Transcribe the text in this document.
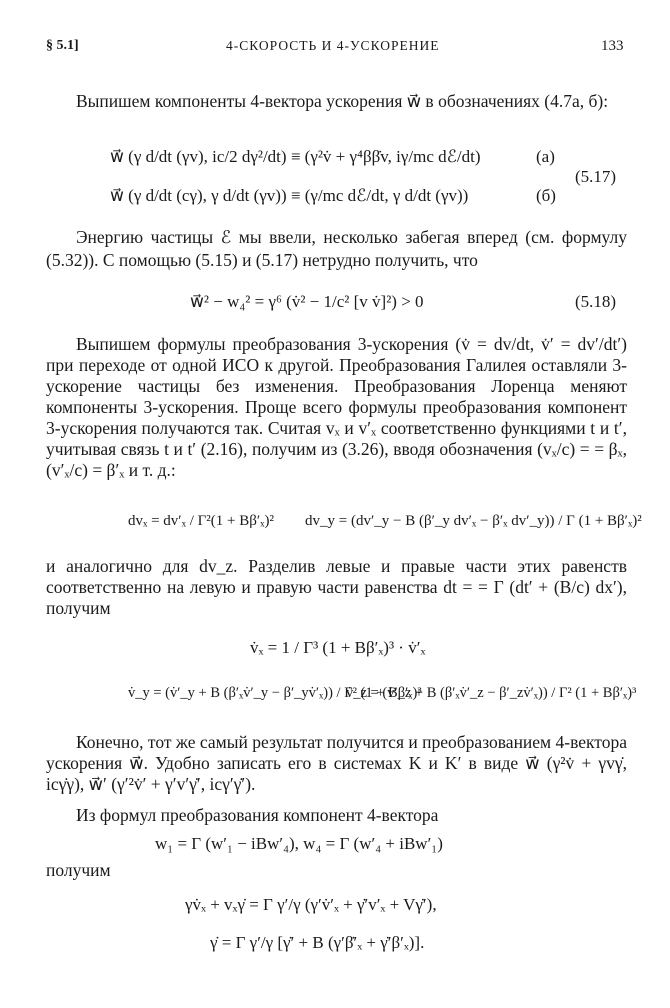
§ 5.1]	4-СКОРОСТЬ И 4-УСКОРЕНИЕ	133
Выпишем компоненты 4-вектора ускорения w⃗ в обозначениях (4.7а, б):
w⃗ (γ d/dt (γv), ic/2 dγ²/dt) ≡ (γ²v̇ + γ⁴ββ̇v, iγ/mc dℰ/dt)	(а)
w⃗ (γ d/dt (cγ), γ d/dt (γv)) ≡ (γ/mc dℰ/dt, γ d/dt (γv))	(б)
(5.17)
Энергию частицы ℰ мы ввели, несколько забегая вперед (см. формулу (5.32)). С помощью (5.15) и (5.17) нетрудно получить, что
w⃗² − w₄² = γ⁶ (v̇² − 1/c² [v v̇]²) > 0	(5.18)
Выпишем формулы преобразования 3-ускорения (v̇ = dv/dt, v̇′ = dv′/dt′) при переходе от одной ИСО к другой. Преобразования Галилея оставляли 3-ускорение частицы без изменения. Преобразования Лоренца меняют компоненты 3-ускорения. Проще всего формулы преобразования компонент 3-ускорения получаются так. Считая vₓ и v′ₓ соответственно функциями t и t′, учитывая связь t и t′ (2.16), получим из (3.26), вводя обозначения (vₓ/c) = = βₓ, (v′ₓ/c) = β′ₓ и т. д.:
dvₓ = dv′ₓ / Γ²(1 + Bβ′ₓ)² dv_y = (dv′_y − B (β′_y dv′ₓ − β′ₓ dv′_y)) / Γ (1 + Bβ′ₓ)²
и аналогично для dv_z. Разделив левые и правые части этих равенств соответственно на левую и правую части равенства dt = = Γ (dt′ + (B/c) dx′), получим
v̇ₓ = 1 / Γ³ (1 + Bβ′ₓ)³ · v̇′ₓ
v̇_y = (v̇′_y + B (β′ₓv̇′_y − β′_yv̇′ₓ)) / Γ² (1 + Bβ′ₓ)³
v̇_z = (v̇′_z + B (β′ₓv̇′_z − β′_zv̇′ₓ)) / Γ² (1 + Bβ′ₓ)³
Конечно, тот же самый результат получится и преобразованием 4-вектора ускорения w⃗. Удобно записать его в системах K и K′ в виде w⃗ (γ²v̇ + γvγ̇, icγ̇γ), w⃗′ (γ′²v̇′ + γ′v′γ̇′, icγ′γ̇′).
Из формул преобразования компонент 4-вектора
w₁ = Γ (w′₁ − iBw′₄), w₄ = Γ (w′₄ + iBw′₁)
получим
γv̇ₓ + vₓγ̇ = Γ γ′/γ (γ′v̇′ₓ + γ̇′v′ₓ + Vγ̇′),
γ̇ = Γ γ′/γ [γ̇′ + B (γ′β̇′ₓ + γ̇′β′ₓ)].
